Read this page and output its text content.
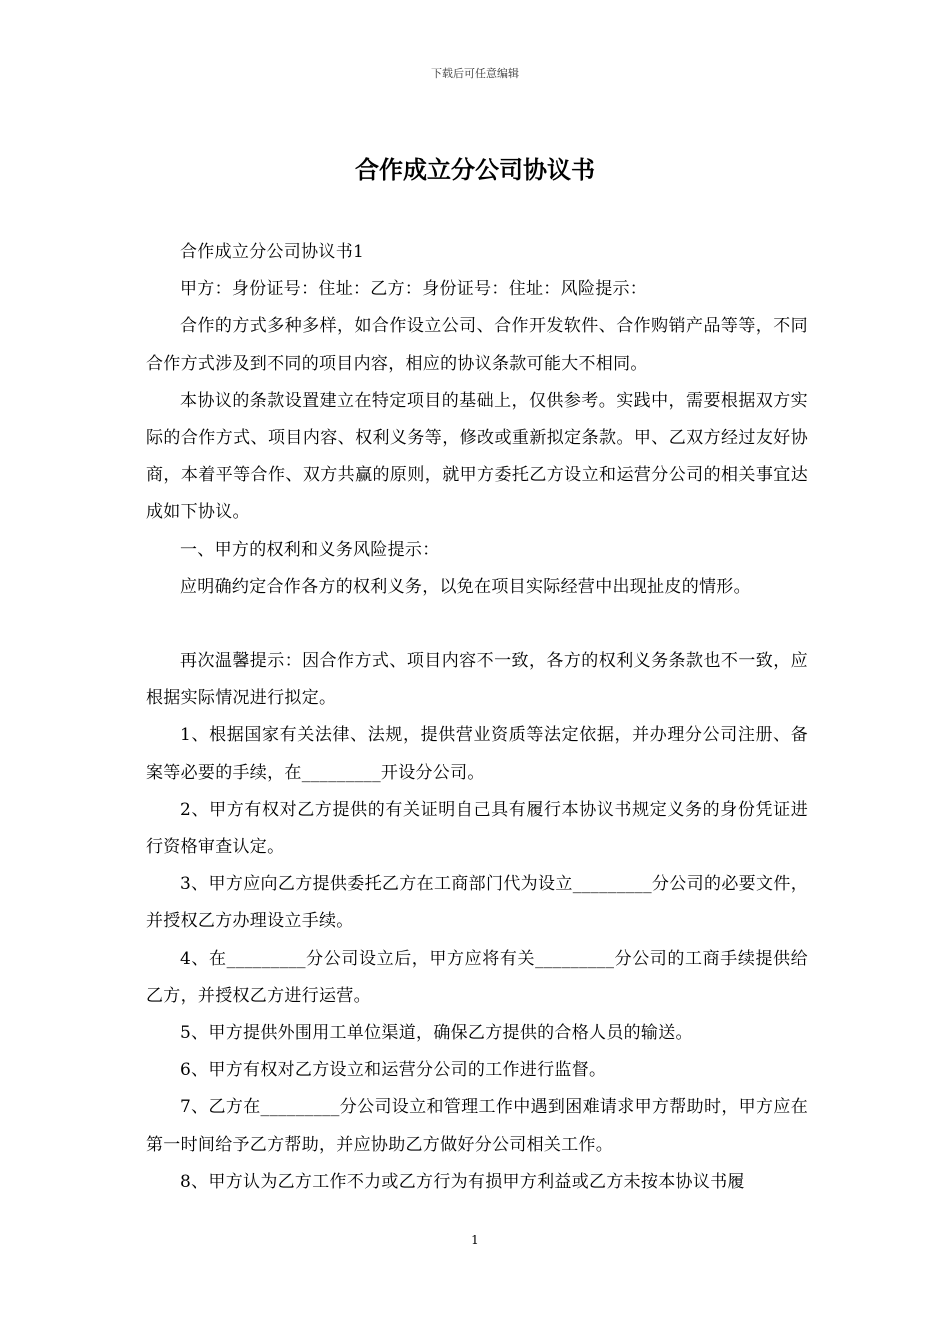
下载后可任意编辑
合作成立分公司协议书

合作成立分公司协议书1

甲方：身份证号：住址：乙方：身份证号：住址：风险提示：

合作的方式多种多样，如合作设立公司、合作开发软件、合作购销产品等等，不同合作方式涉及到不同的项目内容，相应的协议条款可能大不相同。

本协议的条款设置建立在特定项目的基础上，仅供参考。实践中，需要根据双方实际的合作方式、项目内容、权利义务等，修改或重新拟定条款。甲、乙双方经过友好协商，本着平等合作、双方共赢的原则，就甲方委托乙方设立和运营分公司的相关事宜达成如下协议。

一、甲方的权利和义务风险提示：

应明确约定合作各方的权利义务，以免在项目实际经营中出现扯皮的情形。

再次温馨提示：因合作方式、项目内容不一致，各方的权利义务条款也不一致，应根据实际情况进行拟定。

1、根据国家有关法律、法规，提供营业资质等法定依据，并办理分公司注册、备案等必要的手续，在_________开设分公司。

2、甲方有权对乙方提供的有关证明自己具有履行本协议书规定义务的身份凭证进行资格审查认定。

3、甲方应向乙方提供委托乙方在工商部门代为设立_________分公司的必要文件，并授权乙方办理设立手续。

4、在_________分公司设立后，甲方应将有关_________分公司的工商手续提供给乙方，并授权乙方进行运营。

5、甲方提供外围用工单位渠道，确保乙方提供的合格人员的输送。

6、甲方有权对乙方设立和运营分公司的工作进行监督。

7、乙方在_________分公司设立和管理工作中遇到困难请求甲方帮助时，甲方应在第一时间给予乙方帮助，并应协助乙方做好分公司相关工作。

8、甲方认为乙方工作不力或乙方行为有损甲方利益或乙方未按本协议书履

1
